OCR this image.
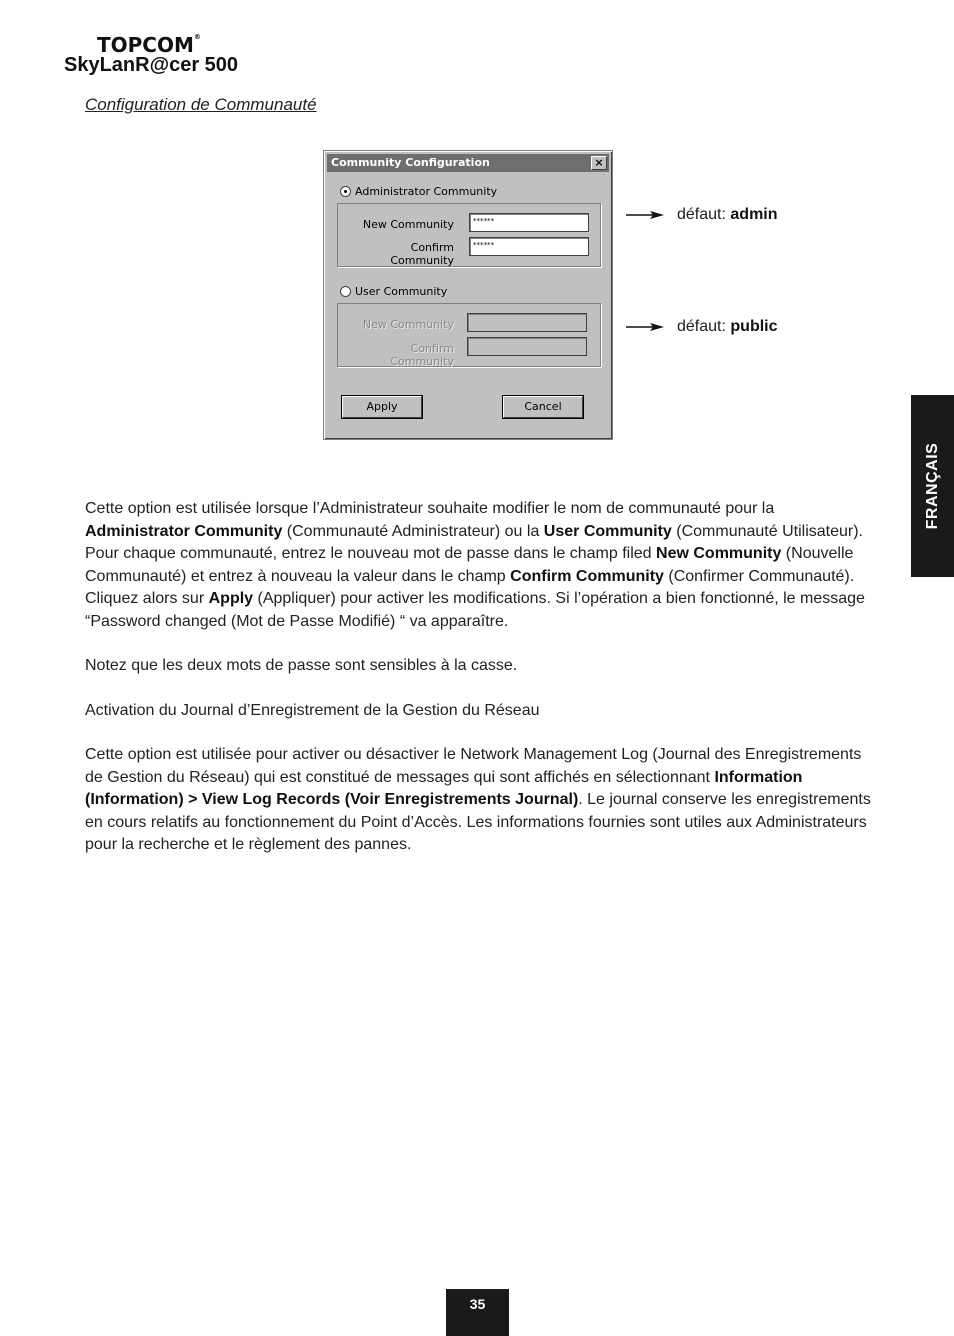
TOPCOM®
SkyLanR@cer 500
Configuration de Communauté
Community Configuration	×
Administrator Community
New Community	******
Confirm Community
******
User Community
New Community
Confirm Community
Apply	Cancel
défaut:
admin
défaut:
public
FRANÇAIS
Cette option est utilisée lorsque l’Administrateur souhaite modifier le nom de communauté pour la Administrator Community (Communauté Administrateur) ou la User Community (Communauté Utilisateur). Pour chaque communauté, entrez le nouveau mot de passe dans le champ filed New Community (Nouvelle Communauté) et entrez à nouveau la valeur dans le champ Confirm Community (Confirmer Communauté). Cliquez alors sur Apply (Appliquer) pour activer les modifications. Si l’opération a bien fonctionné, le message “Password changed (Mot de Passe Modifié) “ va apparaître.
Notez que les deux mots de passe sont sensibles à la casse.
Activation du Journal d’Enregistrement de la Gestion du Réseau
Cette option est utilisée pour activer ou désactiver le Network Management Log (Journal des Enregistrements de Gestion du Réseau) qui est constitué de messages qui sont affichés en sélectionnant Information (Information) > View Log Records (Voir Enregistrements Journal). Le journal conserve les enregistrements en cours relatifs au fonctionnement du Point d’Accès. Les informations fournies sont utiles aux Administrateurs pour la recherche et le règlement des pannes.
35
